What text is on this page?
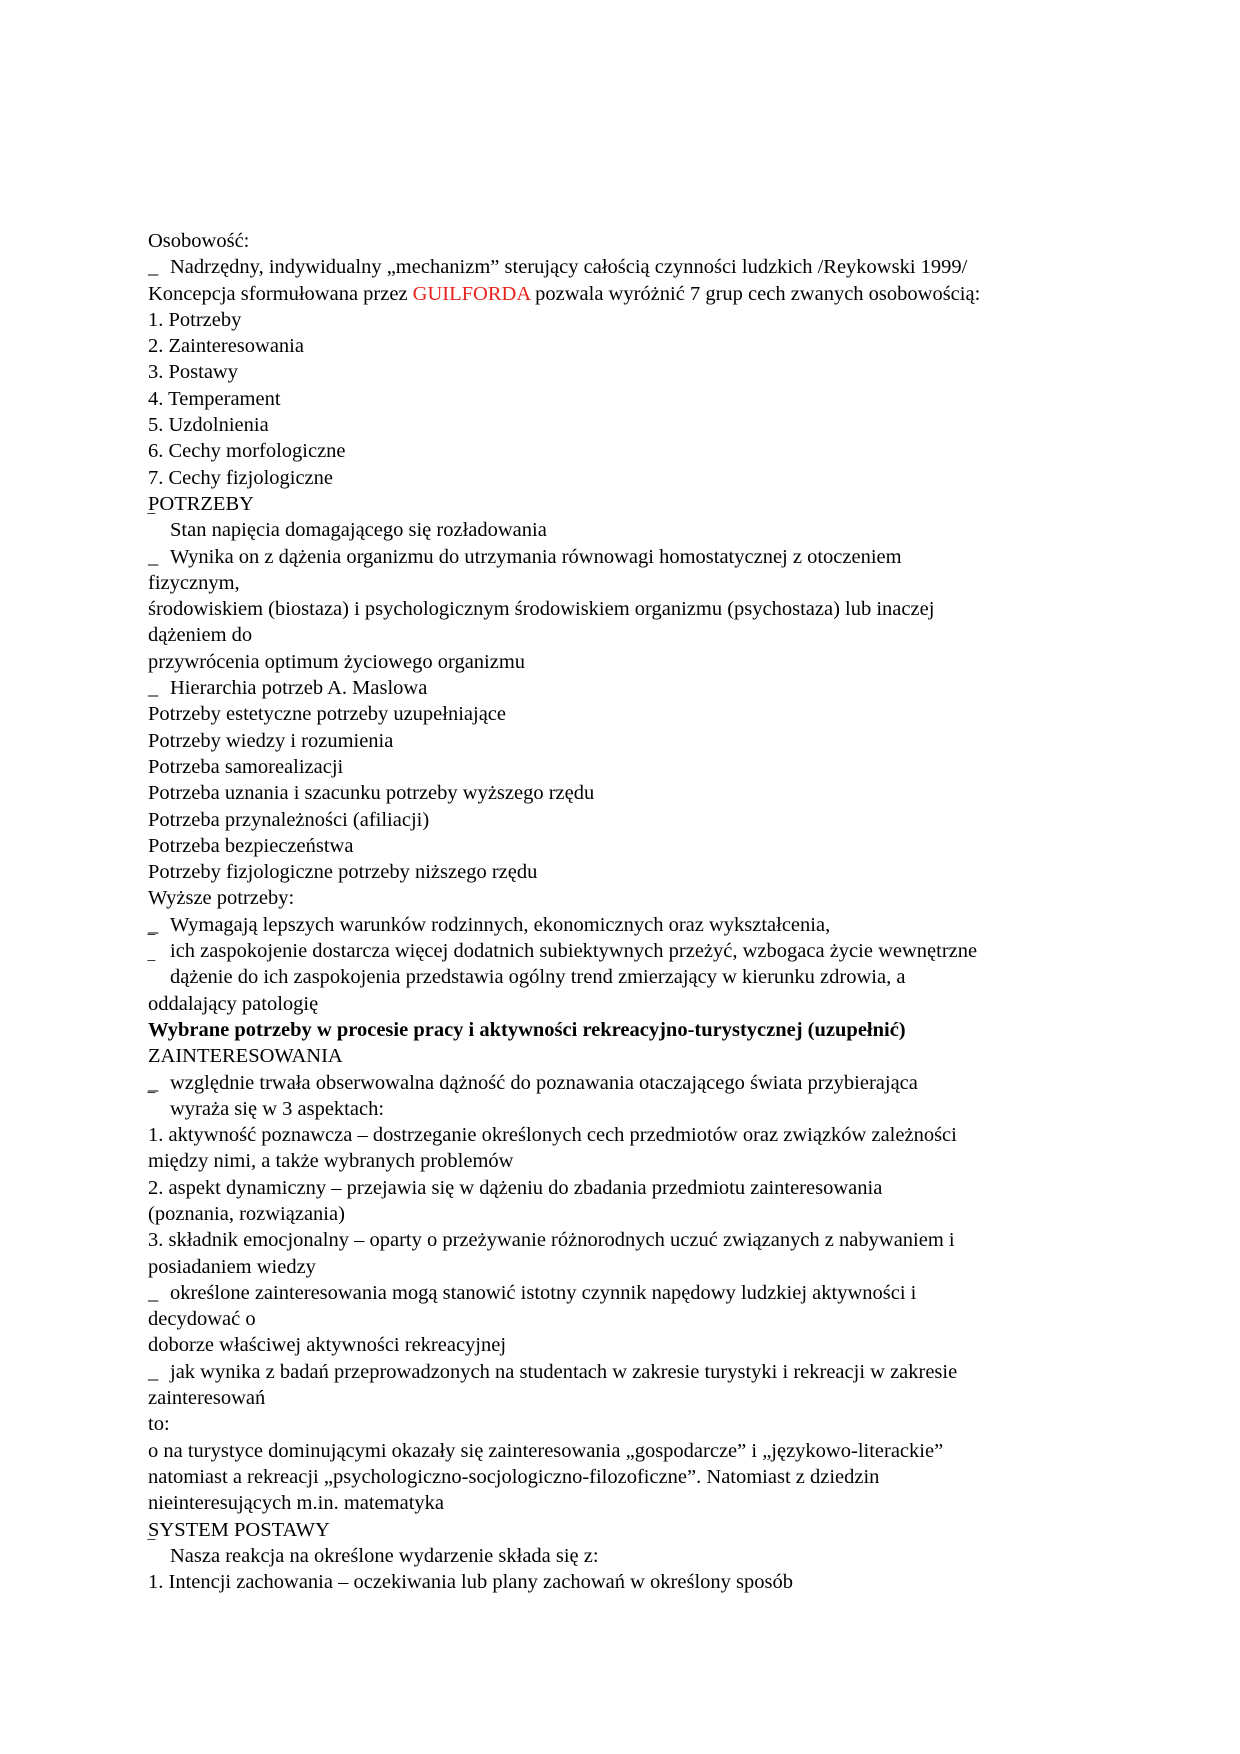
Osobowość:
_ Nadrzędny, indywidualny „mechanizm” sterujący całością czynności ludzkich /Reykowski 1999/
Koncepcja sformułowana przez GUILFORDA pozwala wyróżnić 7 grup cech zwanych osobowością:
1. Potrzeby
2. Zainteresowania
3. Postawy
4. Temperament
5. Uzdolnienia
6. Cechy morfologiczne
7. Cechy fizjologiczne
POTRZEBY
‾ Stan napięcia domagającego się rozładowania
_ Wynika on z dążenia organizmu do utrzymania równowagi homostatycznej z otoczeniem
fizycznym,
środowiskiem (biostaza) i psychologicznym środowiskiem organizmu (psychostaza) lub inaczej
dążeniem do
przywrócenia optimum życiowego organizmu
_ Hierarchia potrzeb A. Maslowa
Potrzeby estetyczne potrzeby uzupełniające
Potrzeby wiedzy i rozumienia
Potrzeba samorealizacji
Potrzeba uznania i szacunku potrzeby wyższego rzędu
Potrzeba przynależności (afiliacji)
Potrzeba bezpieczeństwa
Potrzeby fizjologiczne potrzeby niższego rzędu
Wyższe potrzeby:
_ Wymagają lepszych warunków rodzinnych, ekonomicznych oraz wykształcenia,
‾ ich zaspokojenie dostarcza więcej dodatnich subiektywnych przeżyć, wzbogaca życie wewnętrzne
‾ dążenie do ich zaspokojenia przedstawia ogólny trend zmierzający w kierunku zdrowia, a
oddalający patologię
Wybrane potrzeby w procesie pracy i aktywności rekreacyjno-turystycznej (uzupełnić)
ZAINTERESOWANIA
_ względnie trwała obserwowalna dążność do poznawania otaczającego świata przybierająca
‾ wyraża się w 3 aspektach:
1. aktywność poznawcza – dostrzeganie określonych cech przedmiotów oraz związków zależności
między nimi, a także wybranych problemów
2. aspekt dynamiczny – przejawia się w dążeniu do zbadania przedmiotu zainteresowania
(poznania, rozwiązania)
3. składnik emocjonalny – oparty o przeżywanie różnorodnych uczuć związanych z nabywaniem i
posiadaniem wiedzy
_ określone zainteresowania mogą stanowić istotny czynnik napędowy ludzkiej aktywności i
decydować o
doborze właściwej aktywności rekreacyjnej
_ jak wynika z badań przeprowadzonych na studentach w zakresie turystyki i rekreacji w zakresie
zainteresowań
to:
o na turystyce dominującymi okazały się zainteresowania „gospodarcze” i „językowo-literackie”
natomiast a rekreacji „psychologiczno-socjologiczno-filozoficzne”. Natomiast z dziedzin
nieinteresujących m.in. matematyka
SYSTEM POSTAWY
‾ Nasza reakcja na określone wydarzenie składa się z:
1. Intencji zachowania – oczekiwania lub plany zachowań w określony sposób
